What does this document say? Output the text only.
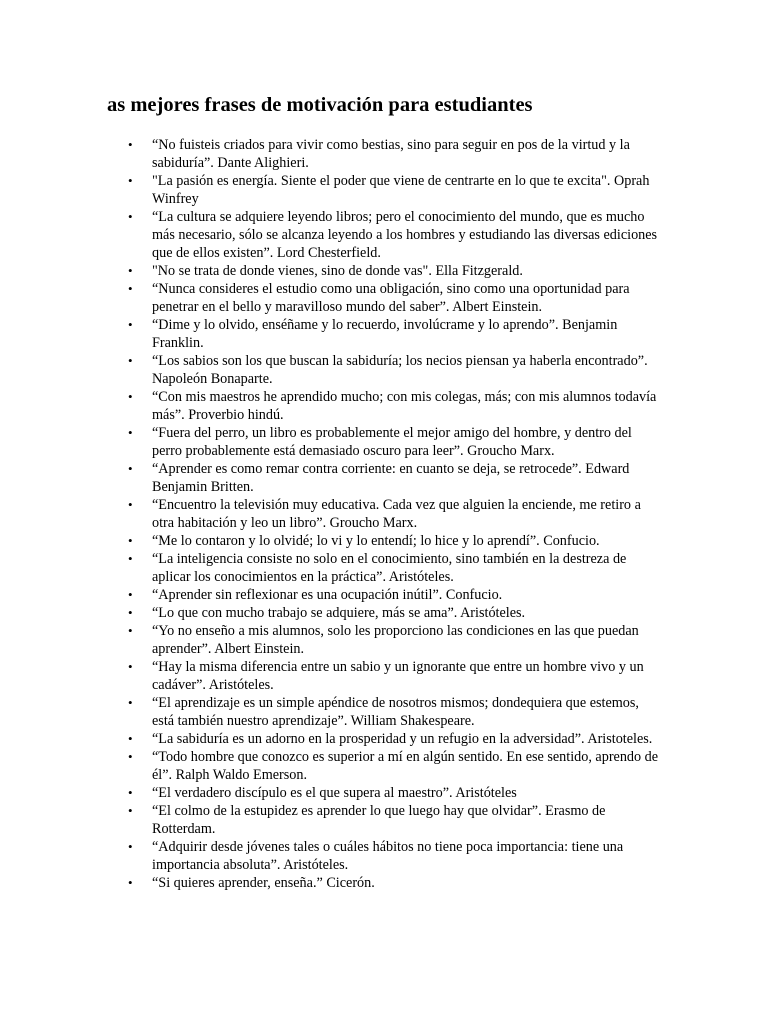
as mejores frases de motivación para estudiantes
•	“No fuisteis criados para vivir como bestias, sino para seguir en pos de la virtud y la sabiduría”. Dante Alighieri.
•	"La pasión es energía. Siente el poder que viene de centrarte en lo que te excita". Oprah Winfrey
•	“La cultura se adquiere leyendo libros; pero el conocimiento del mundo, que es mucho más necesario, sólo se alcanza leyendo a los hombres y estudiando las diversas ediciones que de ellos existen”. Lord Chesterfield.
•	"No se trata de donde vienes, sino de donde vas". Ella Fitzgerald.
•	“Nunca consideres el estudio como una obligación, sino como una oportunidad para penetrar en el bello y maravilloso mundo del saber”. Albert Einstein.
•	“Dime y lo olvido, enséñame y lo recuerdo, involúcrame y lo aprendo”. Benjamin Franklin.
•	“Los sabios son los que buscan la sabiduría; los necios piensan ya haberla encontrado”. Napoleón Bonaparte.
•	“Con mis maestros he aprendido mucho; con mis colegas, más; con mis alumnos todavía más”. Proverbio hindú.
•	“Fuera del perro, un libro es probablemente el mejor amigo del hombre, y dentro del perro probablemente está demasiado oscuro para leer”. Groucho Marx.
•	“Aprender es como remar contra corriente: en cuanto se deja, se retrocede”. Edward Benjamin Britten.
•	“Encuentro la televisión muy educativa. Cada vez que alguien la enciende, me retiro a otra habitación y leo un libro”. Groucho Marx.
•	“Me lo contaron y lo olvidé; lo vi y lo entendí; lo hice y lo aprendí”. Confucio.
•	“La inteligencia consiste no solo en el conocimiento, sino también en la destreza de aplicar los conocimientos en la práctica”. Aristóteles.
•	“Aprender sin reflexionar es una ocupación inútil”. Confucio.
•	“Lo que con mucho trabajo se adquiere, más se ama”. Aristóteles.
•	“Yo no enseño a mis alumnos, solo les proporciono las condiciones en las que puedan aprender”. Albert Einstein.
•	“Hay la misma diferencia entre un sabio y un ignorante que entre un hombre vivo y un cadáver”. Aristóteles.
•	“El aprendizaje es un simple apéndice de nosotros mismos; dondequiera que estemos, está también nuestro aprendizaje”. William Shakespeare.
•	“La sabiduría es un adorno en la prosperidad y un refugio en la adversidad”. Aristoteles.
•	“Todo hombre que conozco es superior a mí en algún sentido. En ese sentido, aprendo de él”. Ralph Waldo Emerson.
•	“El verdadero discípulo es el que supera al maestro”. Aristóteles
•	“El colmo de la estupidez es aprender lo que luego hay que olvidar”. Erasmo de Rotterdam.
•	“Adquirir desde jóvenes tales o cuáles hábitos no tiene poca importancia: tiene una importancia absoluta”. Aristóteles.
•	“Si quieres aprender, enseña.” Cicerón.
